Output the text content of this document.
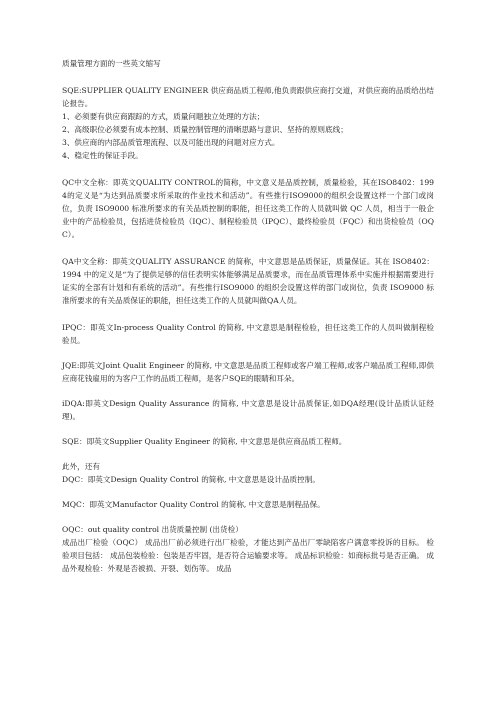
质量管理方面的一些英文缩写

SQE:SUPPLIER QUALITY ENGINEER 供应商品质工程师,他负责跟供应商打交道，对供应商的品质给出结论报告。

1、必须要有供应商跟踪的方式，质量问题独立处理的方法；

2、高级职位必须要有成本控制、质量控制管理的清晰思路与意识、坚持的原则底线；

3、供应商的内部品质管理流程、以及可能出现的问题对应方式。

4、稳定性的保证手段。

QC中文全称：即英文QUALITY CONTROL的简称，中文意义是品质控制，质量检验，其在ISO8402：1994的定义是“为达到品质要求所采取的作业技术和活动”。有些推行ISO9000的组织会设置这样一个部门或岗位，负责 ISO9000 标准所要求的有关品质控制的职能，担任这类工作的人员就叫做 QC 人员，相当于一般企业中的产品检验员，包括进货检验员（IQC）、制程检验员（IPQC）、最终检验员（FQC）和出货检验员（OQC）。

QA中文全称：即英文QUALITY ASSURANCE 的简称，中文意思是品质保证，质量保证。其在 ISO8402：1994 中的定义是“为了提供足够的信任表明实体能够满足品质要求，而在品质管理体系中实施并根据需要进行证实的全部有计划和有系统的活动”。有些推行ISO9000 的组织会设置这样的部门或岗位，负责 ISO9000 标准所要求的有关品质保证的职能，担任这类工作的人员就叫做QA人员。

IPQC：即英文In-process Quality Control 的简称, 中文意思是制程检验，担任这类工作的人员叫做制程检验员。

JQE:即英文Joint Qualit Engineer 的简称, 中文意思是品质工程师或客户端工程师,或客户端品质工程师,即供应商花钱雇用的为客户工作的品质工程师，是客户SQE的眼睛和耳朵。

iDQA:即英文Design Quality Assurance 的简称, 中文意思是设计品质保证,如DQA经理(设计品质认证经理)。

SQE：即英文Supplier Quality Engineer 的简称, 中文意思是供应商品质工程师。

此外，还有

DQC：即英文Design Quality Control 的简称, 中文意思是设计品质控制。

MQC：即英文Manufactor Quality Control 的简称, 中文意思是制程品保。

OQC：out quality control 出货质量控制 (出货检）

成品出厂检验（OQC） 成品出厂前必须进行出厂检验，才能达到产品出厂零缺陷客户满意零投诉的目标。 检验项目包括： 成品包装检验：包装是否牢固，是否符合运输要求等。 成品标识检验：如商标批号是否正确。 成品外观检验：外观是否被损、开裂、划伤等。 成品
